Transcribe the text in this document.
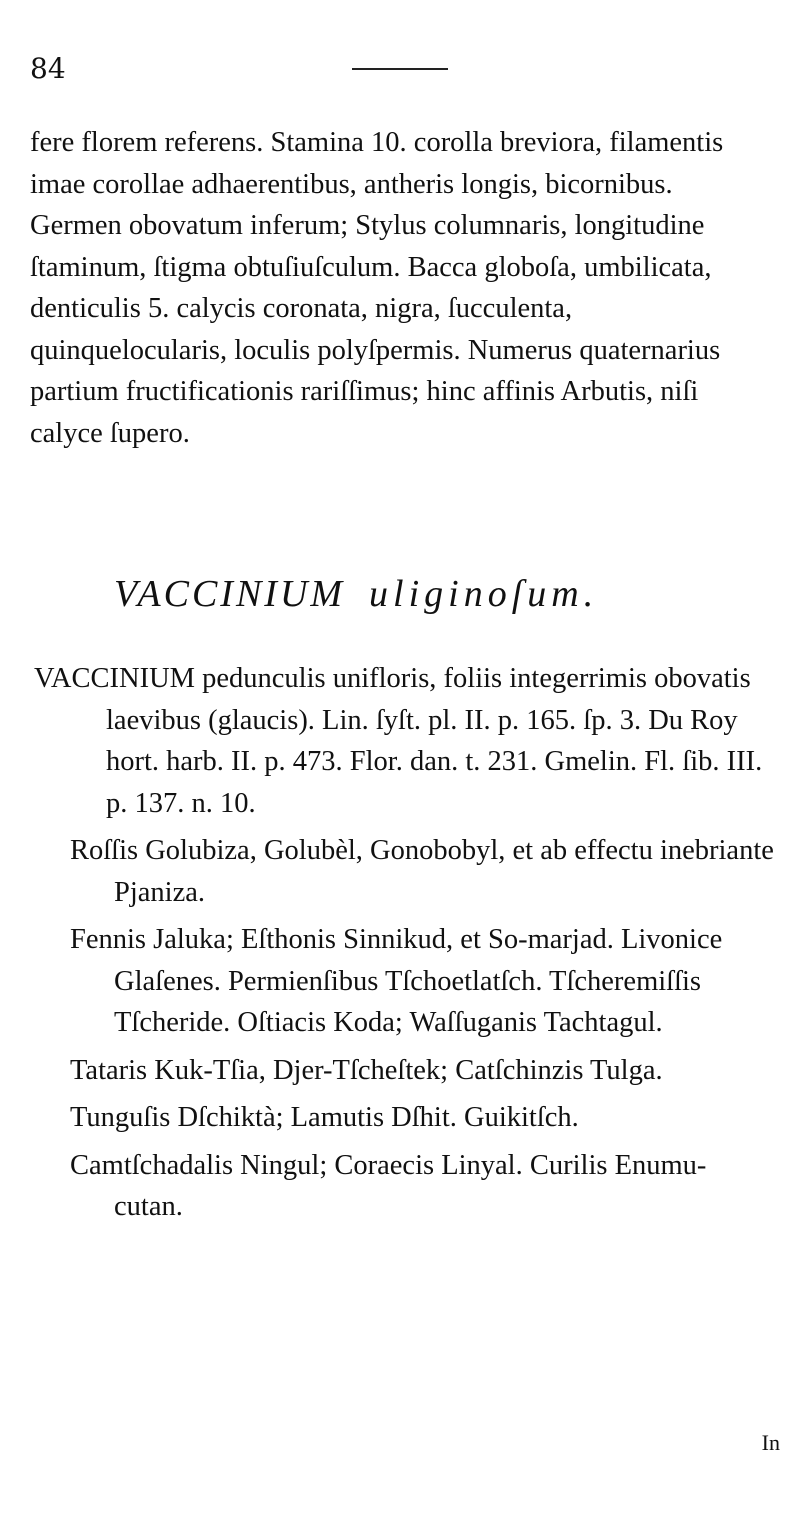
84

fere florem referens. Stamina 10. corolla breviora, filamentis imae corollae adhaerentibus, antheris longis, bicornibus. Germen obovatum inferum; Stylus columnaris, longitudine ſtaminum, ſtigma obtuſiuſculum. Bacca globoſa, umbilicata, denticulis 5. calycis coronata, nigra, ſucculenta, quinquelocularis, loculis polyſpermis. Numerus quaternarius partium fructificationis rariſſimus; hinc affinis Arbutis, niſi calyce ſupero.

VACCINIUM uliginoſum.

VACCINIUM pedunculis unifloris, foliis integerrimis obovatis laevibus (glaucis). Lin. ſyſt. pl. II. p. 165. ſp. 3. Du Roy hort. harb. II. p. 473. Flor. dan. t. 231. Gmelin. Fl. ſib. III. p. 137. n. 10.

Roſſis Golubiza, Golubèl, Gonobobyl, et ab effectu inebriante Pjaniza.

Fennis Jaluka; Eſthonis Sinnikud, et So-marjad. Livonice Glaſenes. Permienſibus Tſchoetlatſch. Tſcheremiſſis Tſcheride. Oſtiacis Koda; Waſſuganis Tachtagul.

Tataris Kuk-Tſia, Djer-Tſcheſtek; Catſchinzis Tulga.

Tunguſis Dſchiktà; Lamutis Dſhit. Guikitſch.

Camtſchadalis Ningul; Coraecis Linyal. Curilis Enumu-cutan.

In
